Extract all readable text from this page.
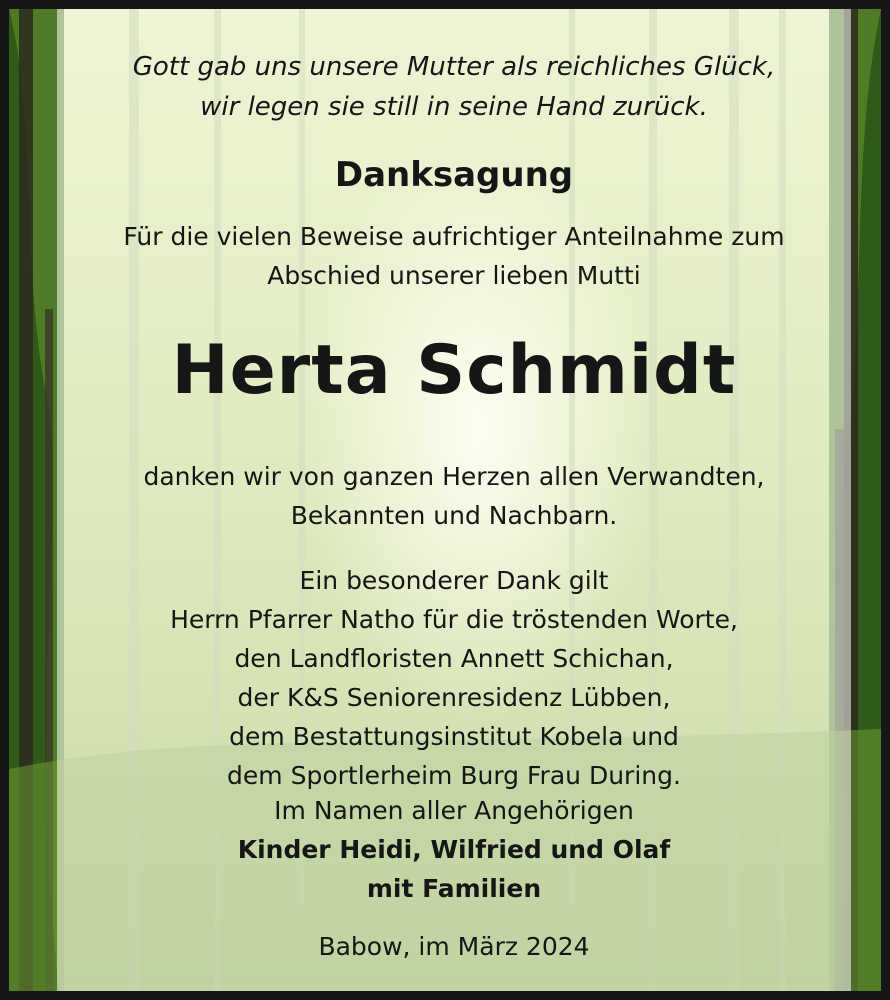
Gott gab uns unsere Mutter als reichliches Glück,
wir legen sie still in seine Hand zurück.
Danksagung
Für die vielen Beweise aufrichtiger Anteilnahme zum
Abschied unserer lieben Mutti
Herta Schmidt
danken wir von ganzen Herzen allen Verwandten,
Bekannten und Nachbarn.
Ein besonderer Dank gilt
Herrn Pfarrer Natho für die tröstenden Worte,
den Landfloristen Annett Schichan,
der K&S Seniorenresidenz Lübben,
dem Bestattungsinstitut Kobela und
dem Sportlerheim Burg Frau During.
Im Namen aller Angehörigen
Kinder Heidi, Wilfried und Olaf
mit Familien
Babow, im März 2024
